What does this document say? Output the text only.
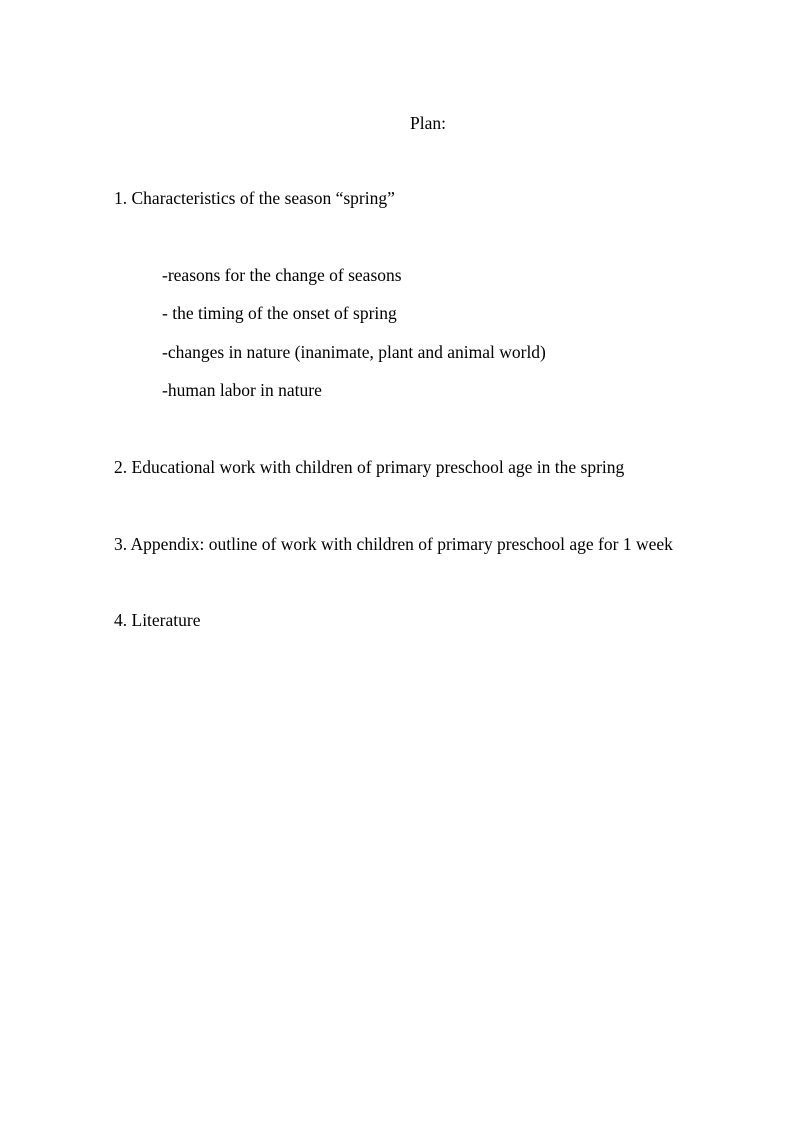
Plan:
1. Characteristics of the season “spring”
-reasons for the change of seasons
- the timing of the onset of spring
-changes in nature (inanimate, plant and animal world)
-human labor in nature
2. Educational work with children of primary preschool age in the spring
3. Appendix: outline of work with children of primary preschool age for 1 week
4. Literature
